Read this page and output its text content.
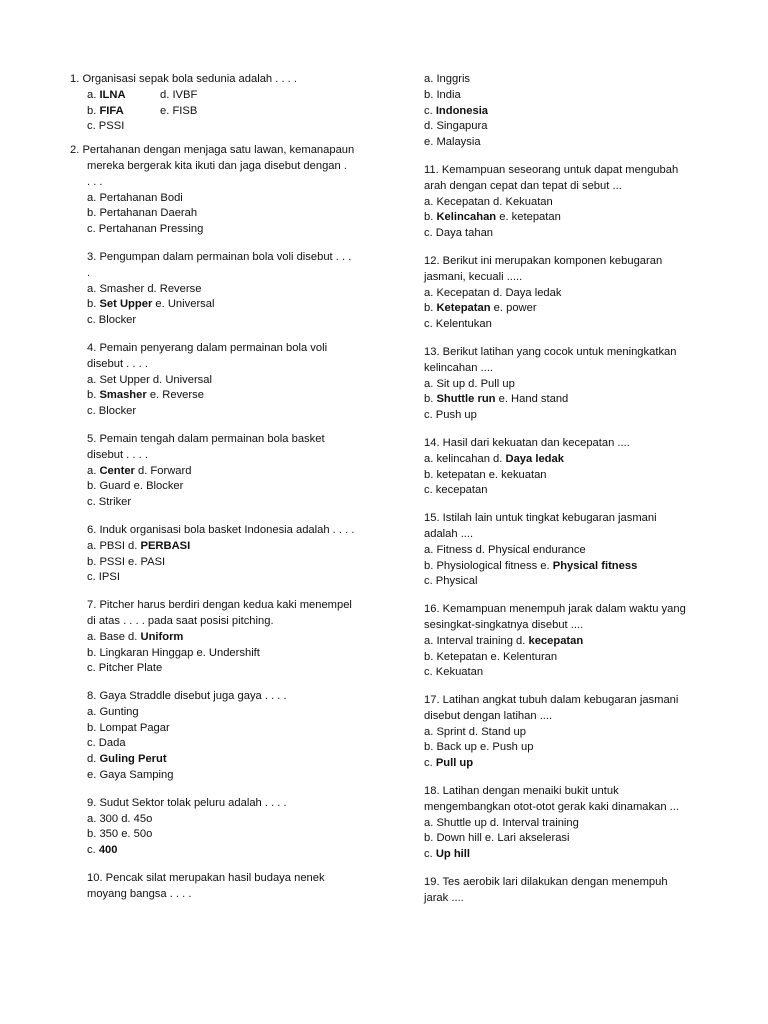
1. Organisasi sepak bola sedunia adalah . . . .

a. ILNA	d. IVBF
b. FIFA	e. FISB
c. PSSI

2. Pertahanan dengan menjaga satu lawan, kemanapaun

mereka bergerak kita ikuti dan jaga disebut dengan .

. . .

a. Pertahanan Bodi

b. Pertahanan Daerah

c. Pertahanan Pressing

3. Pengumpan dalam permainan bola voli disebut . . .

.

a. Smasher d. Reverse

b. Set Upper e. Universal

c. Blocker

4. Pemain penyerang dalam permainan bola voli

disebut . . . .

a. Set Upper d. Universal

b. Smasher e. Reverse

c. Blocker

5. Pemain tengah dalam permainan bola basket

disebut . . . .

a. Center d. Forward

b. Guard e. Blocker

c. Striker

6. Induk organisasi bola basket Indonesia adalah . . . .

a. PBSI d. PERBASI

b. PSSI e. PASI

c. IPSI

7. Pitcher harus berdiri dengan kedua kaki menempel

di atas . . . . pada saat posisi pitching.

a. Base d. Uniform

b. Lingkaran Hinggap e. Undershift

c. Pitcher Plate

8. Gaya Straddle disebut juga gaya . . . .

a. Gunting

b. Lompat Pagar

c. Dada

d. Guling Perut

e. Gaya Samping

9. Sudut Sektor tolak peluru adalah . . . .

a. 300 d. 45o

b. 350 e. 50o

c. 400

10. Pencak silat merupakan hasil budaya nenek

moyang bangsa . . . .

a. Inggris

b. India

c. Indonesia

d. Singapura

e. Malaysia

11. Kemampuan seseorang untuk dapat mengubah

arah dengan cepat dan tepat di sebut ...

a. Kecepatan d. Kekuatan

b. Kelincahan e. ketepatan

c. Daya tahan

12. Berikut ini merupakan komponen kebugaran

jasmani, kecuali .....

a. Kecepatan d. Daya ledak

b. Ketepatan e. power

c. Kelentukan

13. Berikut latihan yang cocok untuk meningkatkan

kelincahan ....

a. Sit up d. Pull up

b. Shuttle run e. Hand stand

c. Push up

14. Hasil dari kekuatan dan kecepatan ....

a. kelincahan d. Daya ledak

b. ketepatan e. kekuatan

c. kecepatan

15. Istilah lain untuk tingkat kebugaran jasmani

adalah ....

a. Fitness d. Physical endurance

b. Physiological fitness e. Physical fitness

c. Physical

16. Kemampuan menempuh jarak dalam waktu yang

sesingkat-singkatnya disebut ....

a. Interval training d. kecepatan

b. Ketepatan e. Kelenturan

c. Kekuatan

17. Latihan angkat tubuh dalam kebugaran jasmani

disebut dengan latihan ....

a. Sprint d. Stand up

b. Back up e. Push up

c. Pull up

18. Latihan dengan menaiki bukit untuk

mengembangkan otot-otot gerak kaki dinamakan ...

a. Shuttle up d. Interval training

b. Down hill e. Lari akselerasi

c. Up hill

19. Tes aerobik lari dilakukan dengan menempuh

jarak ....
